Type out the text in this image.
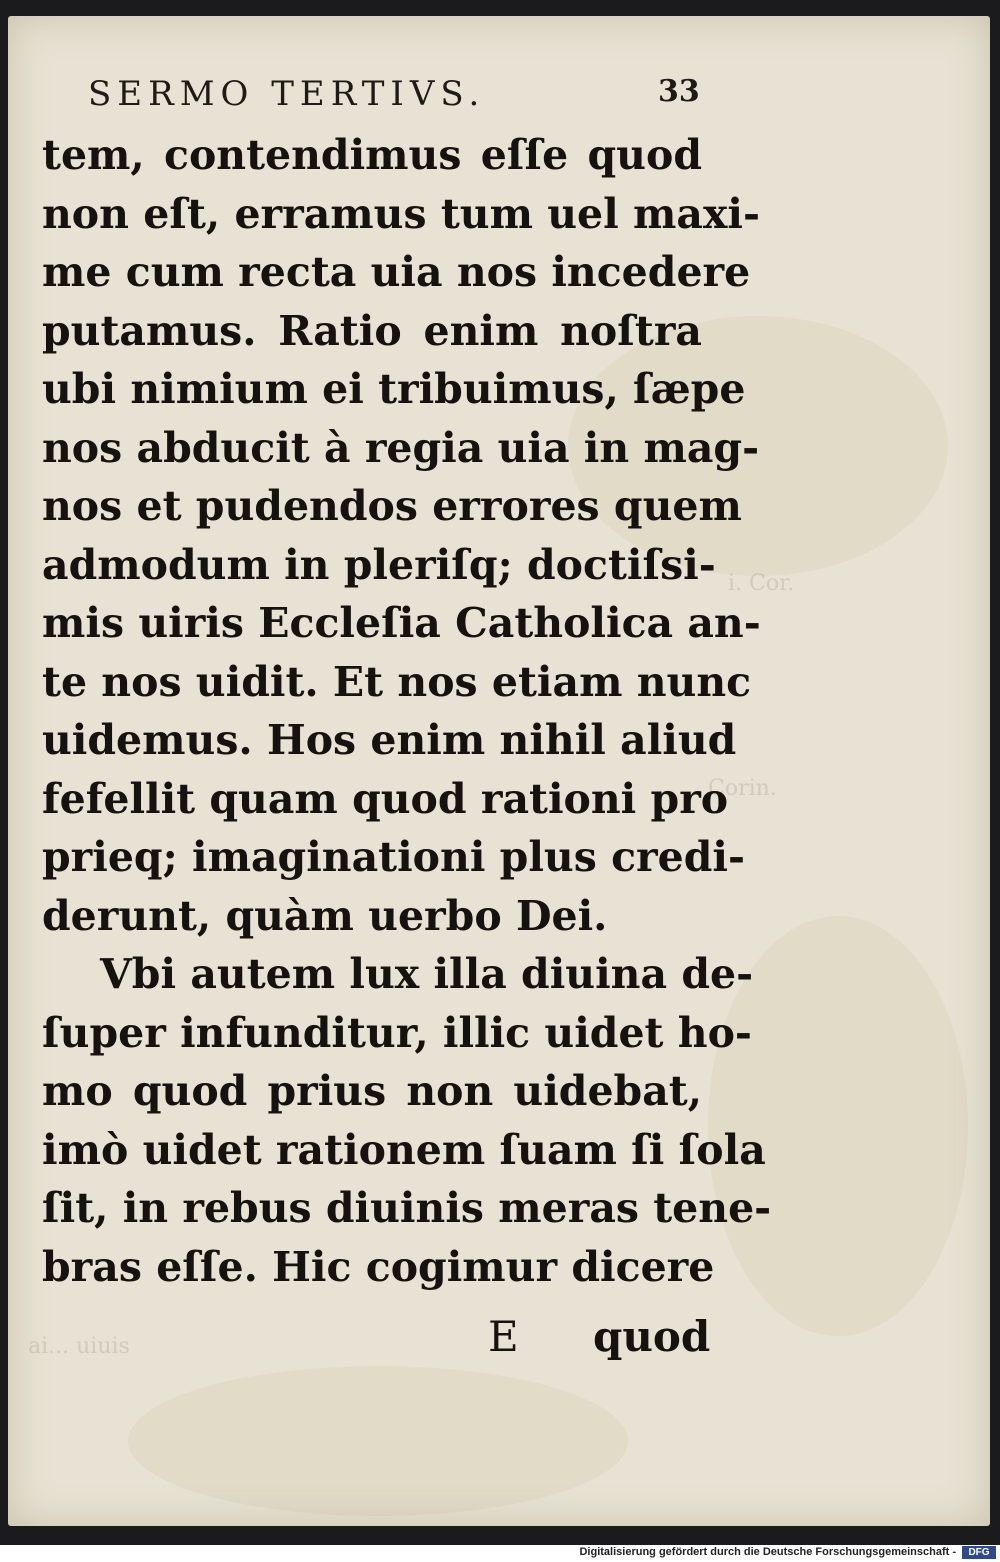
i. Cor.
Corin.
ai... uiuis
SERMO TERTIVS.	33
tem, contendimus eſſe quod
non eſt, erramus tum uel maxi-
me cum recta uia nos incedere
putamus. Ratio enim noſtra
ubi nimium ei tribuimus, ſæpe
nos abducit à regia uia in mag-
nos et pudendos errores quem
admodum in pleriſq; doctiſsi-
mis uiris Eccleſia Catholica an-
te nos uidit. Et nos etiam nunc
uidemus. Hos enim nihil aliud
fefellit quam quod rationi pro
prieq; imaginationi plus credi-
derunt, quàm uerbo Dei.
Vbi autem lux illa diuina de-
ſuper infunditur, illic uidet ho-
mo quod prius non uidebat,
imò uidet rationem ſuam ſi ſola
ſit, in rebus diuinis meras tene-
bras eſſe. Hic cogimur dicere
E quod
Digitalisierung gefördert durch die Deutsche Forschungsgemeinschaft -	DFG
